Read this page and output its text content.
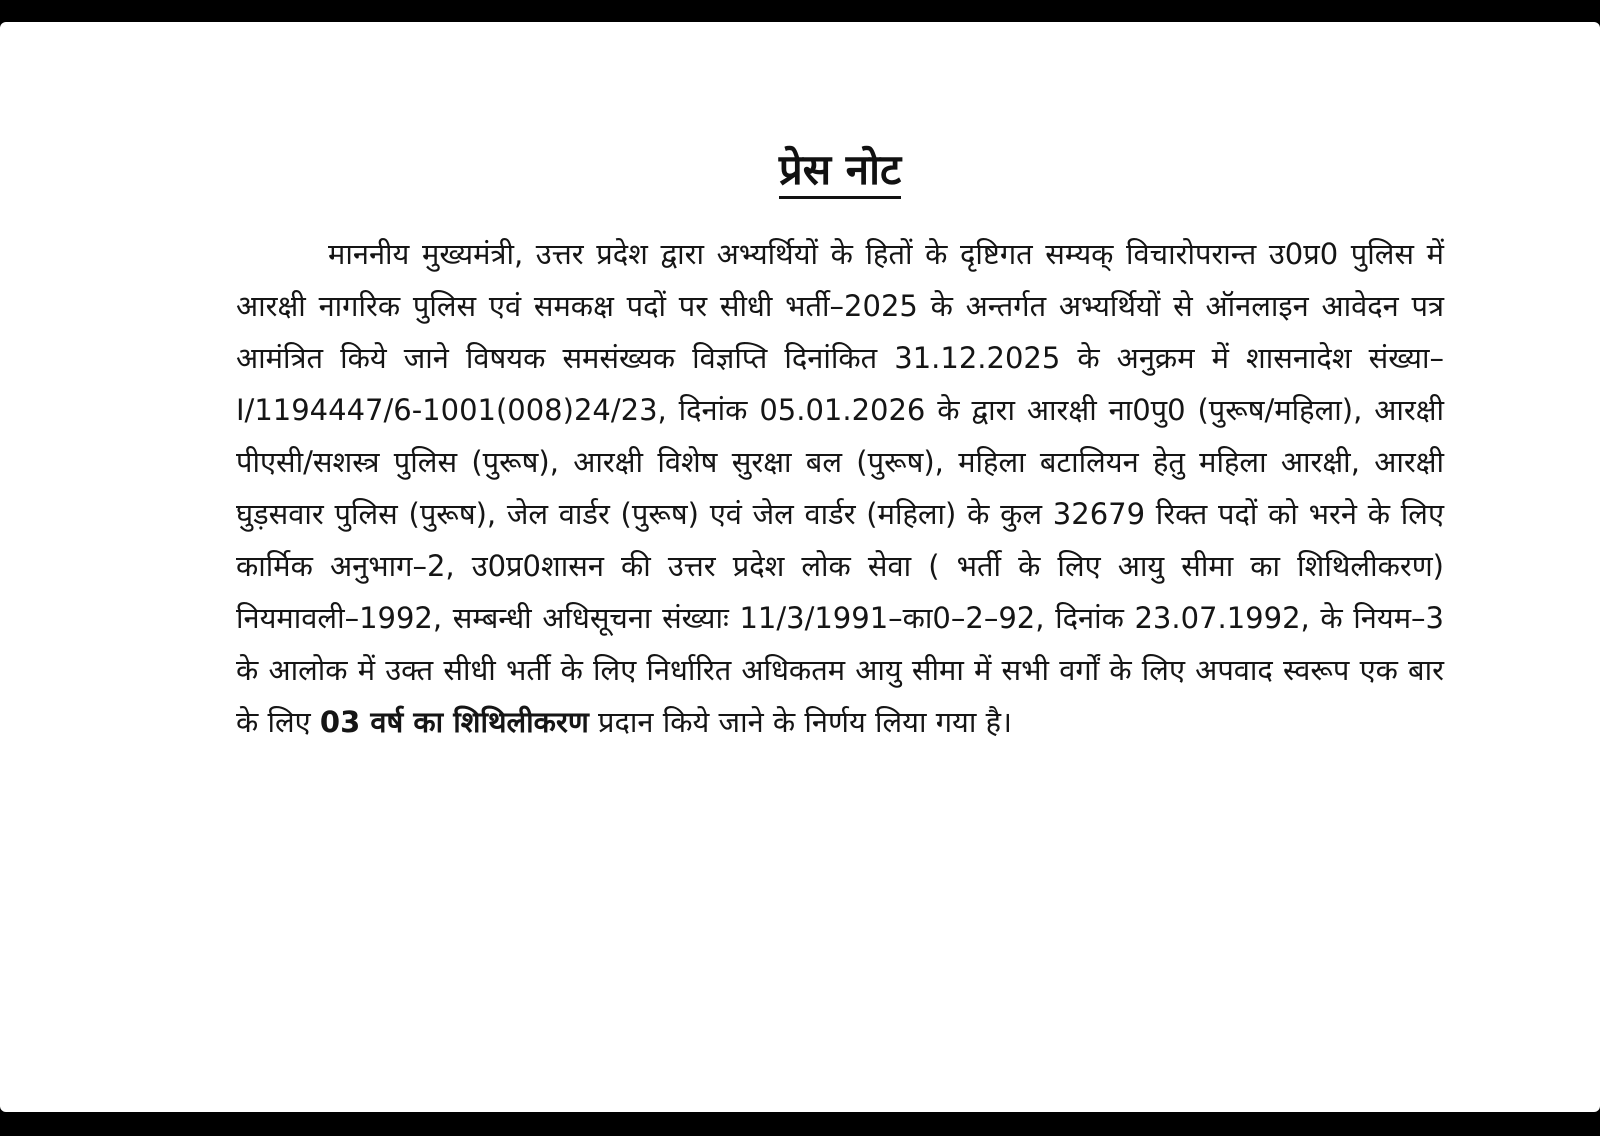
प्रेस नोट

माननीय मुख्यमंत्री, उत्तर प्रदेश द्वारा अभ्यर्थियों के हितों के दृष्टिगत सम्यक् विचारोपरान्त उ0प्र0 पुलिस में आरक्षी नागरिक पुलिस एवं समकक्ष पदों पर सीधी भर्ती–2025 के अन्तर्गत अभ्यर्थियों से ऑनलाइन आवेदन पत्र आमंत्रित किये जाने विषयक समसंख्यक विज्ञप्ति दिनांकित 31.12.2025 के अनुक्रम में शासनादेश संख्या–I/1194447/6-1001(008)24/23, दिनांक 05.01.2026 के द्वारा आरक्षी ना0पु0 (पुरूष/महिला), आरक्षी पीएसी/सशस्त्र पुलिस (पुरूष), आरक्षी विशेष सुरक्षा बल (पुरूष), महिला बटालियन हेतु महिला आरक्षी, आरक्षी घुड़सवार पुलिस (पुरूष), जेल वार्डर (पुरूष) एवं जेल वार्डर (महिला) के कुल 32679 रिक्त पदों को भरने के लिए कार्मिक अनुभाग–2, उ0प्र0शासन की उत्तर प्रदेश लोक सेवा ( भर्ती के लिए आयु सीमा का शिथिलीकरण) नियमावली–1992, सम्बन्धी अधिसूचना संख्याः 11/3/1991–का0–2–92, दिनांक 23.07.1992, के नियम–3 के आलोक में उक्त सीधी भर्ती के लिए निर्धारित अधिकतम आयु सीमा में सभी वर्गों के लिए अपवाद स्वरूप एक बार के लिए 03 वर्ष का शिथिलीकरण प्रदान किये जाने के निर्णय लिया गया है।
